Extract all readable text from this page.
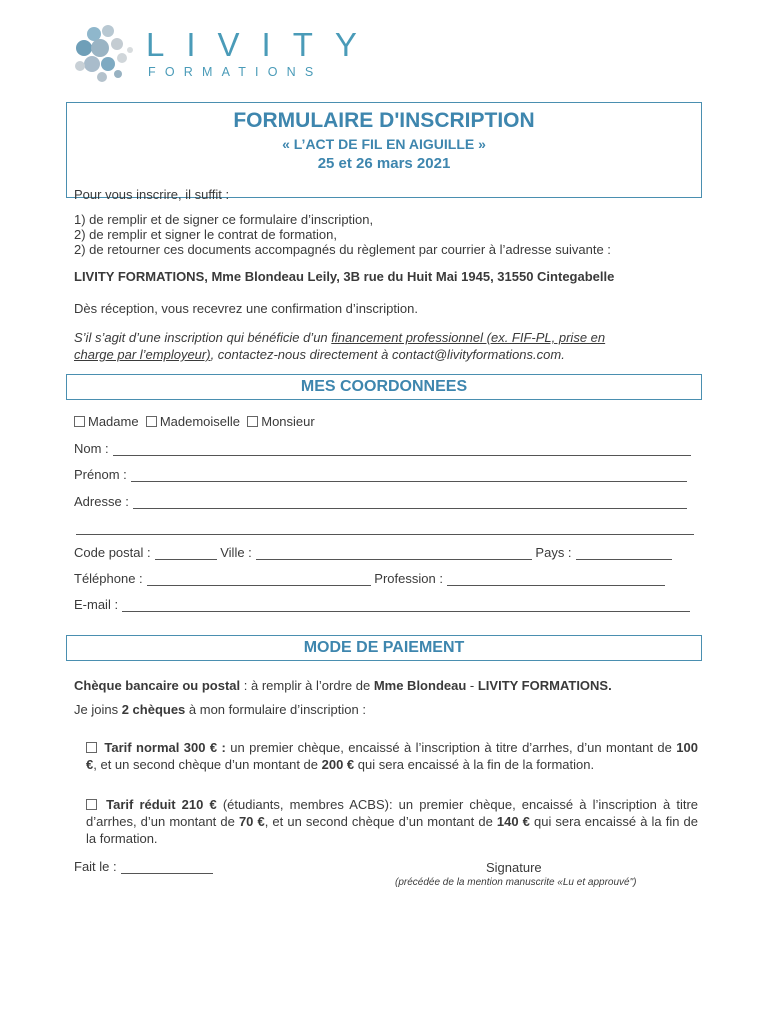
LIVITY
FORMATIONS
FORMULAIRE D'INSCRIPTION
« L’ACT DE FIL EN AIGUILLE »
25 et 26 mars 2021
Pour vous inscrire, il suffit :
1) de remplir et de signer ce formulaire d’inscription,
2) de remplir et signer le contrat de formation,
2) de retourner ces documents accompagnés du règlement par courrier à l’adresse suivante :
LIVITY FORMATIONS, Mme Blondeau Leily, 3B rue du Huit Mai 1945, 31550 Cintegabelle
Dès réception, vous recevrez une confirmation d’inscription.
S’il s’agit d’une inscription qui bénéficie d’un financement professionnel (ex. FIF-PL, prise en
charge par l’employeur), contactez-nous directement à contact@livityformations.com.
MES COORDONNEES
Madame Mademoiselle Monsieur
Nom :
Prénom :
Adresse :
Code postal :	Ville :	Pays :
Téléphone :	Profession :
E-mail :
MODE DE PAIEMENT
Chèque bancaire ou postal : à remplir à l’ordre de Mme Blondeau - LIVITY FORMATIONS.
Je joins 2 chèques à mon formulaire d’inscription :
Tarif normal 300 € : un premier chèque, encaissé à l’inscription à titre d’arrhes, d’un montant de 100 €, et un second chèque d’un montant de 200 € qui sera encaissé à la fin de la formation.
Tarif réduit 210 € (étudiants, membres ACBS): un premier chèque, encaissé à l’inscription à titre d’arrhes, d’un montant de 70 €, et un second chèque d’un montant de 140 € qui sera encaissé à la fin de la formation.
Fait le :	Signature
(précédée de la mention manuscrite «Lu et approuvé")
